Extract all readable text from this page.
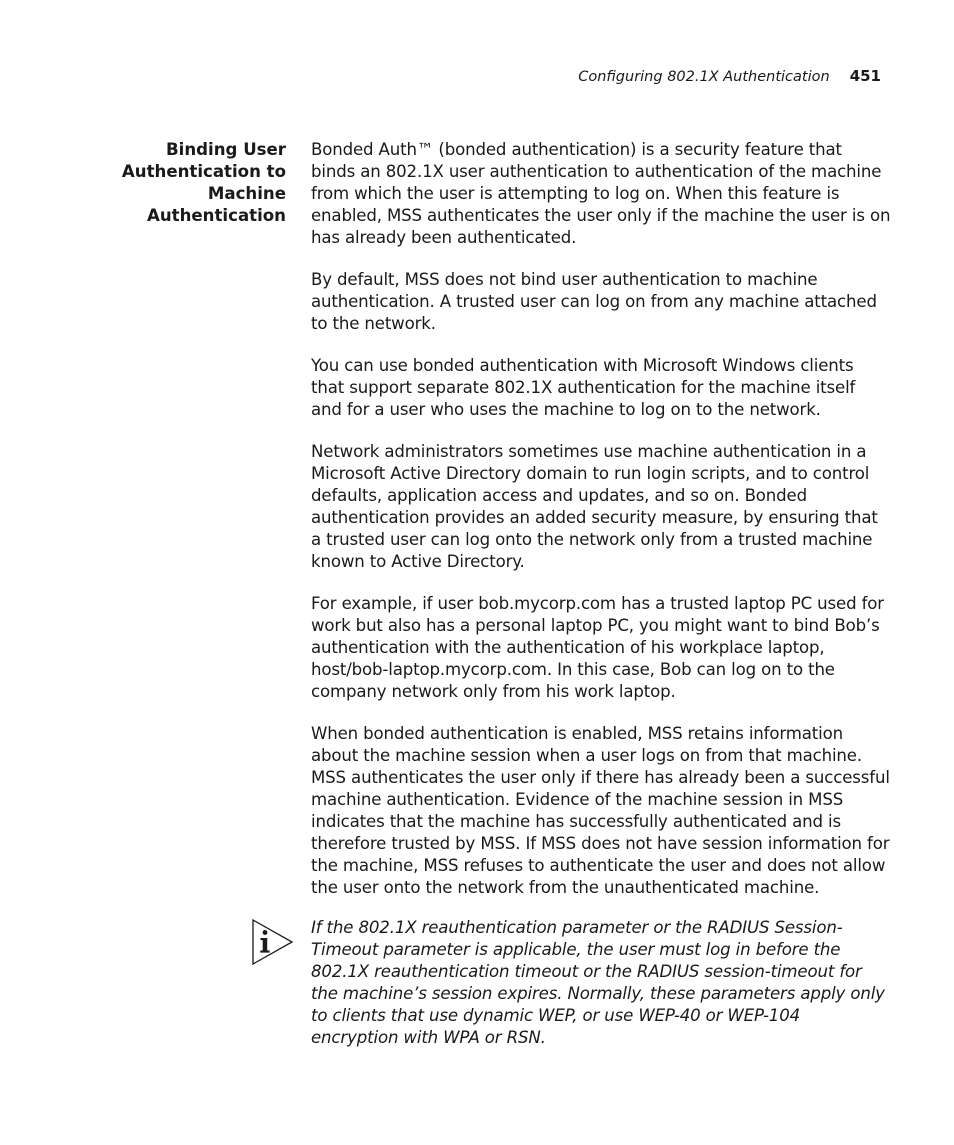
Configuring 802.1X Authentication 451
Binding User
Authentication to
Machine
Authentication

Bonded Auth™ (bonded authentication) is a security feature that binds an 802.1X user authentication to authentication of the machine from which the user is attempting to log on. When this feature is enabled, MSS authenticates the user only if the machine the user is on has already been authenticated.

By default, MSS does not bind user authentication to machine authentication. A trusted user can log on from any machine attached to the network.

You can use bonded authentication with Microsoft Windows clients that support separate 802.1X authentication for the machine itself and for a user who uses the machine to log on to the network.

Network administrators sometimes use machine authentication in a Microsoft Active Directory domain to run login scripts, and to control defaults, application access and updates, and so on. Bonded authentication provides an added security measure, by ensuring that a trusted user can log onto the network only from a trusted machine known to Active Directory.

For example, if user bob.mycorp.com has a trusted laptop PC used for work but also has a personal laptop PC, you might want to bind Bob’s authentication with the authentication of his workplace laptop, host/bob-laptop.mycorp.com. In this case, Bob can log on to the company network only from his work laptop.

When bonded authentication is enabled, MSS retains information about the machine session when a user logs on from that machine. MSS authenticates the user only if there has already been a successful machine authentication. Evidence of the machine session in MSS indicates that the machine has successfully authenticated and is therefore trusted by MSS. If MSS does not have session information for the machine, MSS refuses to authenticate the user and does not allow the user onto the network from the unauthenticated machine.

If the 802.1X reauthentication parameter or the RADIUS Session-Timeout parameter is applicable, the user must log in before the 802.1X reauthentication timeout or the RADIUS session-timeout for the machine’s session expires. Normally, these parameters apply only to clients that use dynamic WEP, or use WEP-40 or WEP-104 encryption with WPA or RSN.
